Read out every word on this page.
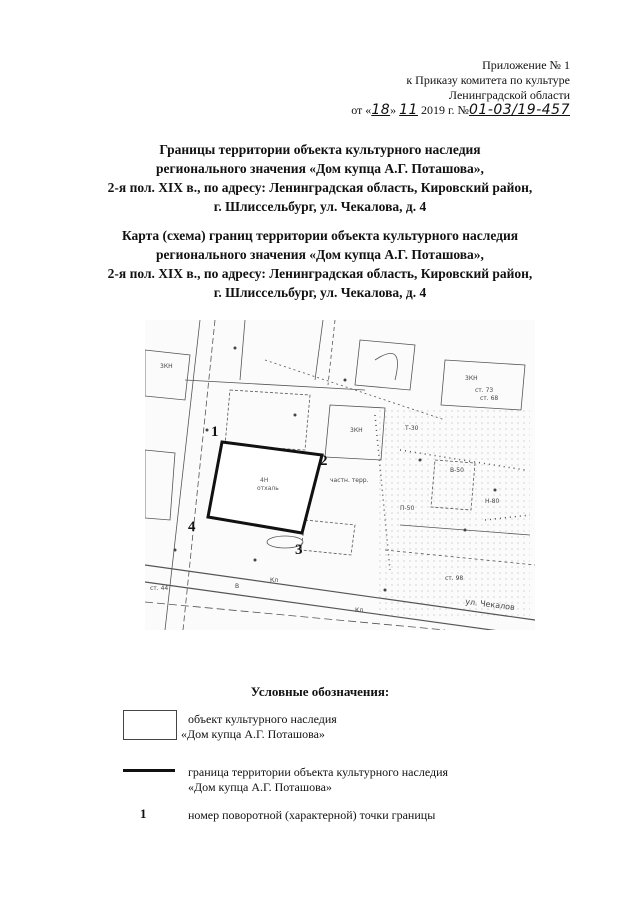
Приложение № 1
к Приказу комитета по культуре
Ленинградской области
от «18» 11 2019 г. №01-03/19-457
Границы территории объекта культурного наследия
регионального значения «Дом купца А.Г. Поташова»,
2-я пол. XIX в., по адресу: Ленинградская область, Кировский район,
г. Шлиссельбург, ул. Чекалова, д. 4
Карта (схема) границ территории объекта культурного наследия
регионального значения «Дом купца А.Г. Поташова»,
2-я пол. XIX в., по адресу: Ленинградская область, Кировский район,
г. Шлиссельбург, ул. Чекалова, д. 4
4Н
отхаль
1
2
3
4
частн. терр.
ул. Чекалов
3КН
3КН
3КН
ст. 73
ст. 68
ст. 44
ст. 98
В
Кл
В-50
Н-80
П-50
Т-30
Кл
Условные обозначения:
объект культурного наследия
«Дом купца А.Г. Поташова»
граница территории объекта культурного наследия
«Дом купца А.Г. Поташова»
1	номер поворотной (характерной) точки границы
